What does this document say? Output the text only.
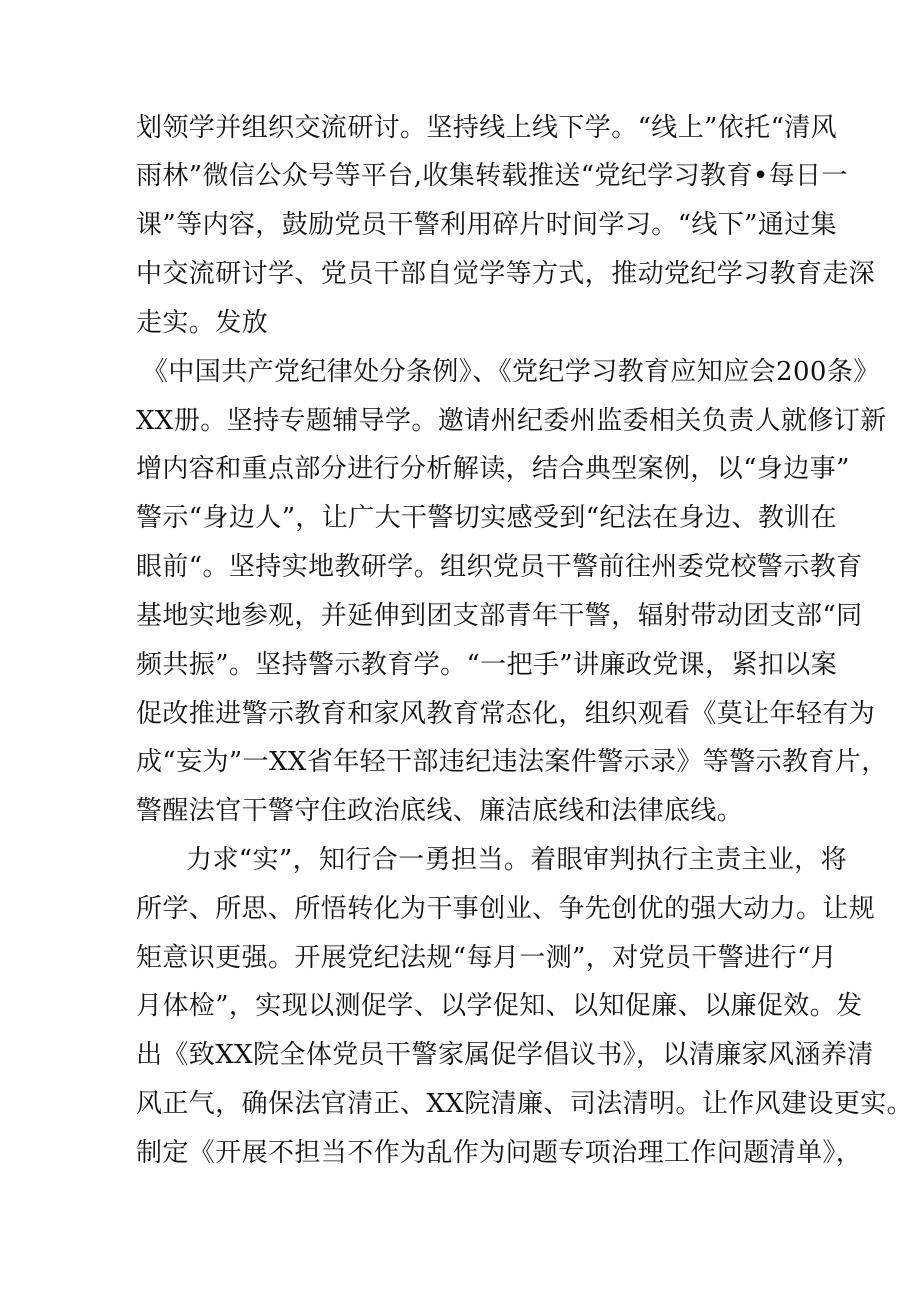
划领学并组织交流研讨。坚持线上线下学。“线上”依托“清风
雨林”微信公众号等平台,收集转载推送“党纪学习教育•每日一
课”等内容，鼓励党员干警利用碎片时间学习。“线下”通过集
中交流研讨学、党员干部自觉学等方式，推动党纪学习教育走深
走实。发放
《中国共产党纪律处分条例》、《党纪学习教育应知应会200条》
XX册。坚持专题辅导学。邀请州纪委州监委相关负责人就修订新
增内容和重点部分进行分析解读，结合典型案例，以“身边事”
警示“身边人”，让广大干警切实感受到“纪法在身边、教训在
眼前“。坚持实地教研学。组织党员干警前往州委党校警示教育
基地实地参观，并延伸到团支部青年干警，辐射带动团支部“同
频共振”。坚持警示教育学。“一把手”讲廉政党课，紧扣以案
促改推进警示教育和家风教育常态化，组织观看《莫让年轻有为
成“妄为”一XX省年轻干部违纪违法案件警示录》等警示教育片，
警醒法官干警守住政治底线、廉洁底线和法律底线。
力求“实”，知行合一勇担当。着眼审判执行主责主业，将
所学、所思、所悟转化为干事创业、争先创优的强大动力。让规
矩意识更强。开展党纪法规“每月一测”，对党员干警进行“月
月体检”，实现以测促学、以学促知、以知促廉、以廉促效。发
出《致XX院全体党员干警家属促学倡议书》，以清廉家风涵养清
风正气，确保法官清正、XX院清廉、司法清明。让作风建设更实。
制定《开展不担当不作为乱作为问题专项治理工作问题清单》，
